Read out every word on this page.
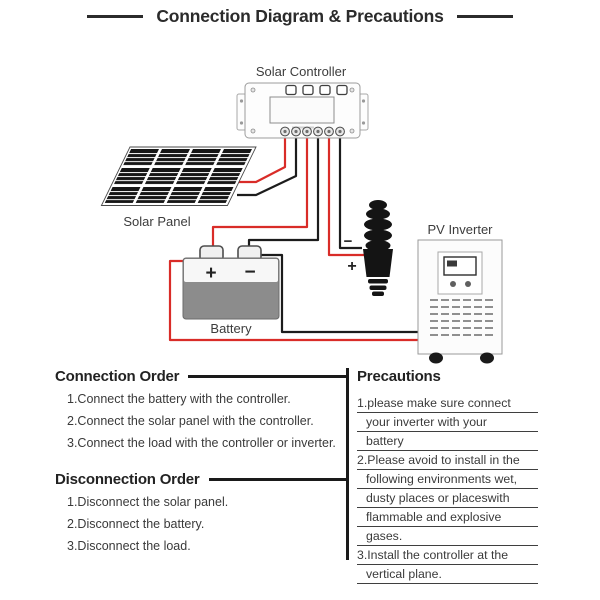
Connection Diagram & Precautions
Solar Controller
Solar Panel
+ −
Battery
−
+
PV Inverter
Connection Order
1.Connect the battery with the controller.
2.Connect the solar panel with the controller.
3.Connect the load with the controller or inverter.
Disconnection Order
1.Disconnect the solar panel.
2.Disconnect the battery.
3.Disconnect the load.
Precautions
1.please make sure connect
your inverter with your
battery
2.Please avoid to install in the
following environments wet,
dusty places or placeswith
flammable and explosive
gases.
3.Install the controller at the
vertical plane.
